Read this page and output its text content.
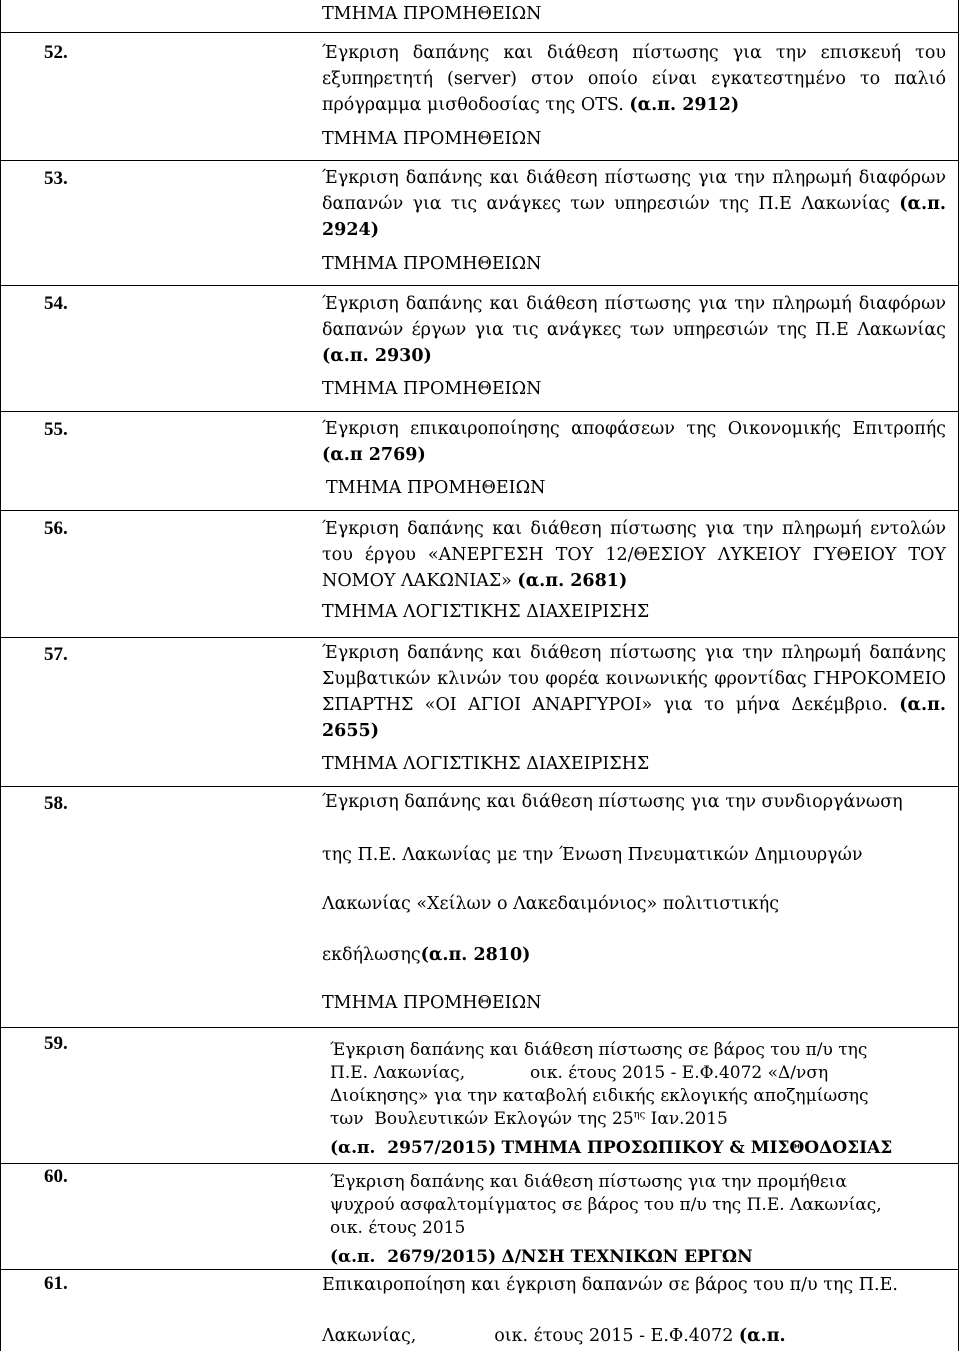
ΤΜΗΜΑ ΠΡΟΜΗΘΕΙΩΝ
52.	Έγκριση δαπάνης και διάθεση πίστωσης για την επισκευή του εξυπηρετητή (server) στον οποίο είναι εγκατεστημένο το παλιό πρόγραμμα μισθοδοσίας της OTS. (α.π. 2912)
ΤΜΗΜΑ ΠΡΟΜΗΘΕΙΩΝ
53.	Έγκριση δαπάνης και διάθεση πίστωσης για την πληρωμή διαφόρων δαπανών για τις ανάγκες των υπηρεσιών της Π.Ε Λακωνίας (α.π. 2924)
ΤΜΗΜΑ ΠΡΟΜΗΘΕΙΩΝ
54.	Έγκριση δαπάνης και διάθεση πίστωσης για την πληρωμή διαφόρων δαπανών έργων για τις ανάγκες των υπηρεσιών της Π.Ε Λακωνίας (α.π. 2930)
ΤΜΗΜΑ ΠΡΟΜΗΘΕΙΩΝ
55.	Έγκριση επικαιροποίησης αποφάσεων της Οικονομικής Επιτροπής (α.π 2769)
ΤΜΗΜΑ ΠΡΟΜΗΘΕΙΩΝ
56.	Έγκριση δαπάνης και διάθεση πίστωσης για την πληρωμή εντολών του έργου «ΑΝΕΡΓΕΣΗ ΤΟΥ 12/ΘΕΣΙΟΥ ΛΥΚΕΙΟΥ ΓΥΘΕΙΟΥ ΤΟΥ ΝΟΜΟΥ ΛΑΚΩΝΙΑΣ» (α.π. 2681)
ΤΜΗΜΑ ΛΟΓΙΣΤΙΚΗΣ ΔΙΑΧΕΙΡΙΣΗΣ
57.	Έγκριση δαπάνης και διάθεση πίστωσης για την πληρωμή δαπάνης Συμβατικών κλινών του φορέα κοινωνικής φροντίδας ΓΗΡΟΚΟΜΕΙΟ ΣΠΑΡΤΗΣ «ΟΙ ΑΓΙΟΙ ΑΝΑΡΓΥΡΟΙ» για το μήνα Δεκέμβριο. (α.π. 2655)
ΤΜΗΜΑ ΛΟΓΙΣΤΙΚΗΣ ΔΙΑΧΕΙΡΙΣΗΣ
58.	Έγκριση δαπάνης και διάθεση πίστωσης για την συνδιοργάνωση
της Π.Ε. Λακωνίας με την Ένωση Πνευματικών Δημιουργών
Λακωνίας «Χείλων ο Λακεδαιμόνιος» πολιτιστικής
εκδήλωσης(α.π. 2810)
ΤΜΗΜΑ ΠΡΟΜΗΘΕΙΩΝ
59.	Έγκριση δαπάνης και διάθεση πίστωσης σε βάρος του π/υ της
Π.Ε. Λακωνίας,            οικ. έτους 2015 - Ε.Φ.4072 «Δ/νση
Διοίκησης» για την καταβολή ειδικής εκλογικής αποζημίωσης
των  Βουλευτικών Εκλογών της $25^{\eta\varsigma}$ Ιαν.2015
(α.π.  2957/2015) ΤΜΗΜΑ ΠΡΟΣΩΠΙΚΟΥ & ΜΙΣΘΟΔΟΣΙΑΣ
60.	Έγκριση δαπάνης και διάθεση πίστωσης για την προμήθεια
ψυχρού ασφαλτομίγματος σε βάρος του π/υ της Π.Ε. Λακωνίας,
οικ. έτους 2015
(α.π.  2679/2015) Δ/ΝΣΗ ΤΕΧΝΙΚΩΝ ΕΡΓΩΝ
61.	Επικαιροποίηση και έγκριση δαπανών σε βάρος του π/υ της Π.Ε.
Λακωνίας,              οικ. έτους 2015 - Ε.Φ.4072 (α.π.
